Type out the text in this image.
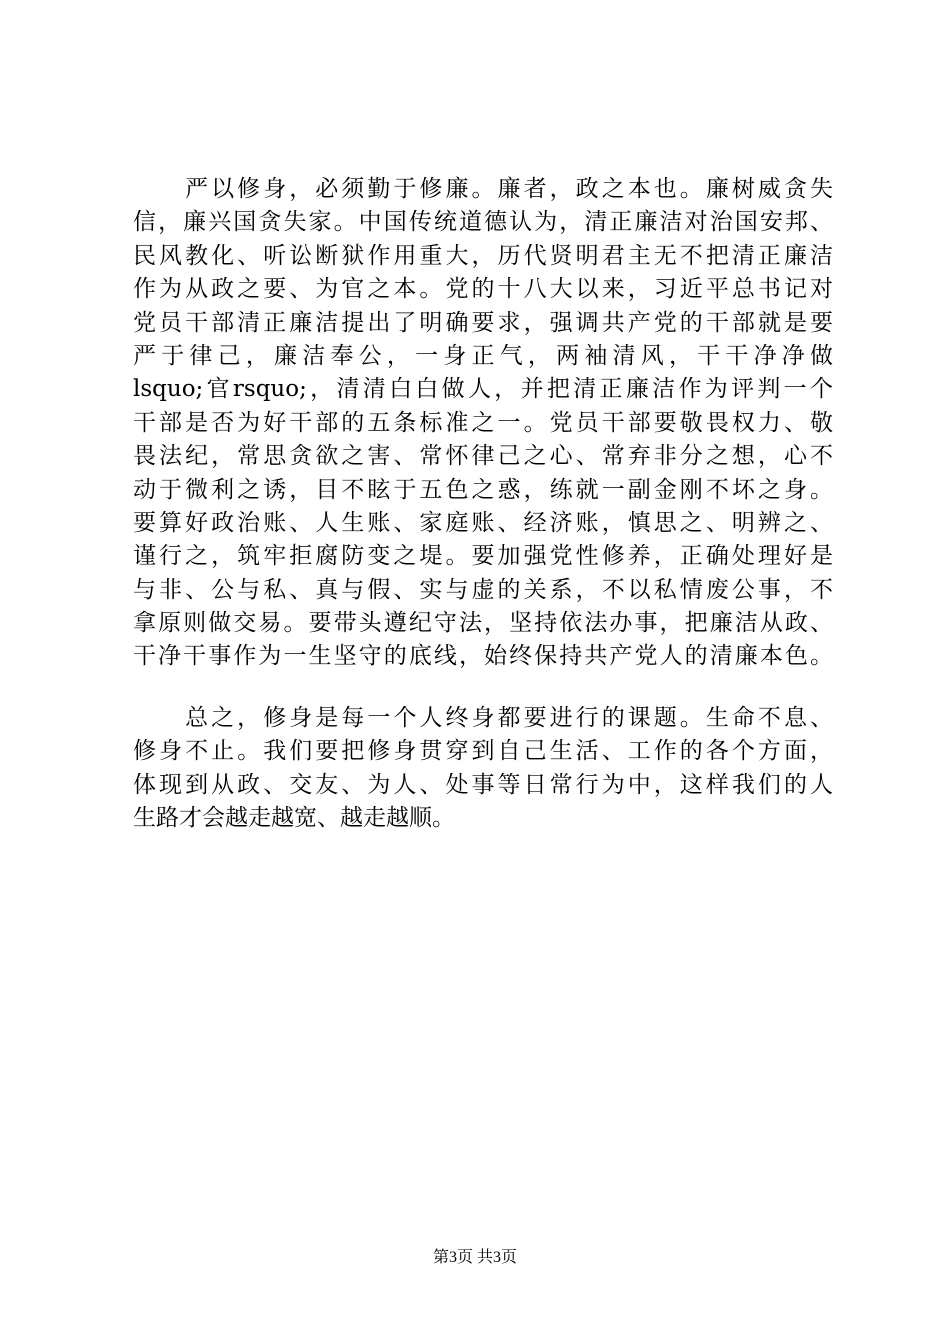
　　严以修身，必须勤于修廉。廉者，政之本也。廉树威贪失
信，廉兴国贪失家。中国传统道德认为，清正廉洁对治国安邦、
民风教化、听讼断狱作用重大，历代贤明君主无不把清正廉洁
作为从政之要、为官之本。党的十八大以来，习近平总书记对
党员干部清正廉洁提出了明确要求，强调共产党的干部就是要
严于律己，廉洁奉公，一身正气，两袖清风，干干净净做
lsquo;官rsquo;，清清白白做人，并把清正廉洁作为评判一个
干部是否为好干部的五条标准之一。党员干部要敬畏权力、敬
畏法纪，常思贪欲之害、常怀律己之心、常弃非分之想，心不
动于微利之诱，目不眩于五色之惑，练就一副金刚不坏之身。
要算好政治账、人生账、家庭账、经济账，慎思之、明辨之、
谨行之，筑牢拒腐防变之堤。要加强党性修养，正确处理好是
与非、公与私、真与假、实与虚的关系，不以私情废公事，不
拿原则做交易。要带头遵纪守法，坚持依法办事，把廉洁从政、
干净干事作为一生坚守的底线，始终保持共产党人的清廉本色。
　　总之，修身是每一个人终身都要进行的课题。生命不息、
修身不止。我们要把修身贯穿到自己生活、工作的各个方面，
体现到从政、交友、为人、处事等日常行为中，这样我们的人
生路才会越走越宽、越走越顺。
第3页 共3页
